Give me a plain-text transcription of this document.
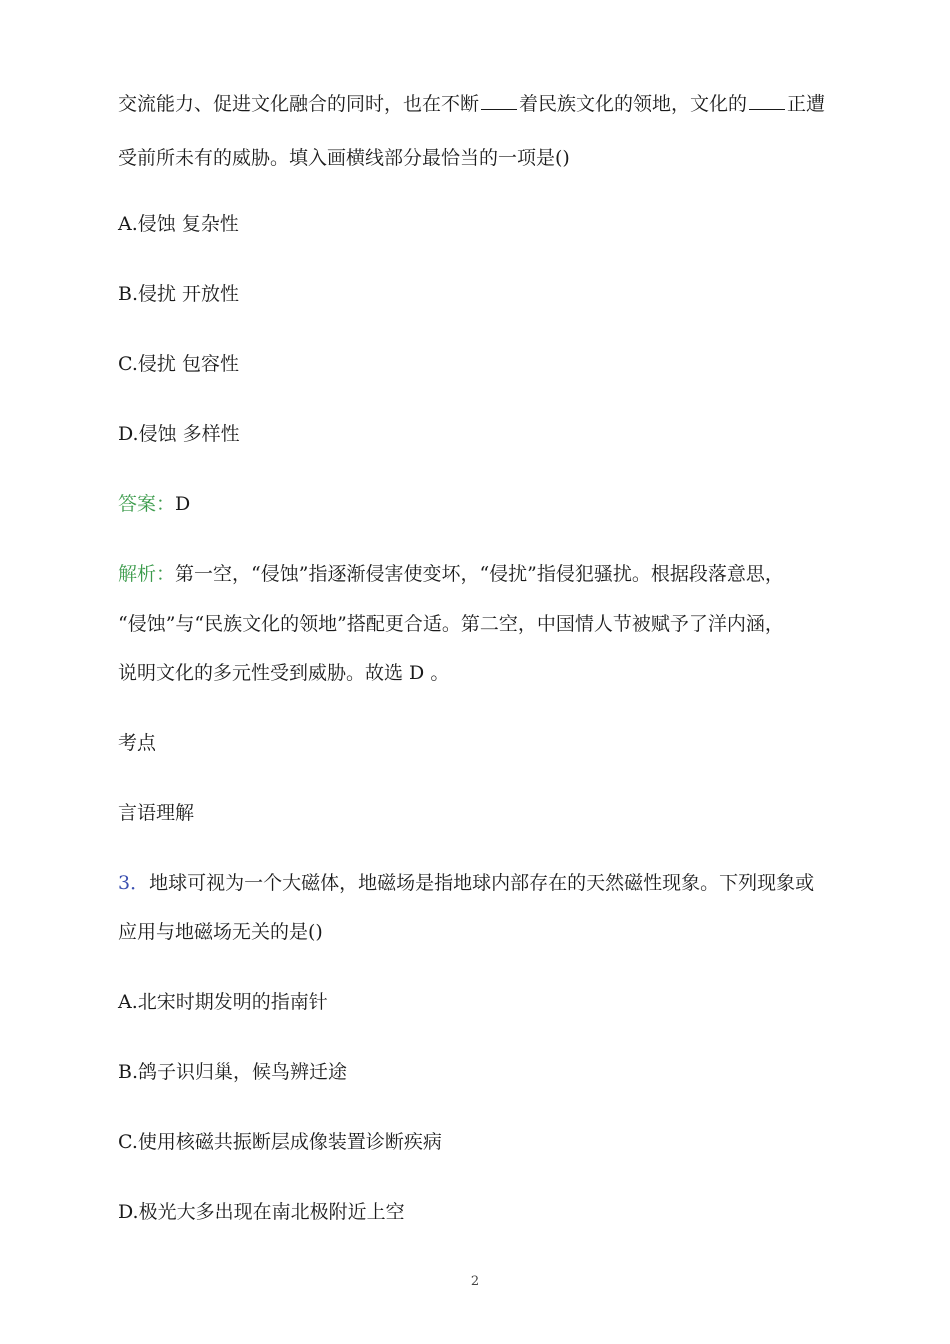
交流能力、促进文化融合的同时，也在不断 着民族文化的领地，文化的 正遭
受前所未有的威胁。填入画横线部分最恰当的一项是()
A.侵蚀 复杂性
B.侵扰 开放性
C.侵扰 包容性
D.侵蚀 多样性
答案：D
解析：第一空，“侵蚀”指逐渐侵害使变坏，“侵扰”指侵犯骚扰。根据段落意思，
“侵蚀”与“民族文化的领地”搭配更合适。第二空，中国情人节被赋予了洋内涵，
说明文化的多元性受到威胁。故选 D 。
考点
言语理解
3．地球可视为一个大磁体，地磁场是指地球内部存在的天然磁性现象。下列现象或
应用与地磁场无关的是()
A.北宋时期发明的指南针
B.鸽子识归巢，候鸟辨迁途
C.使用核磁共振断层成像装置诊断疾病
D.极光大多出现在南北极附近上空
2
